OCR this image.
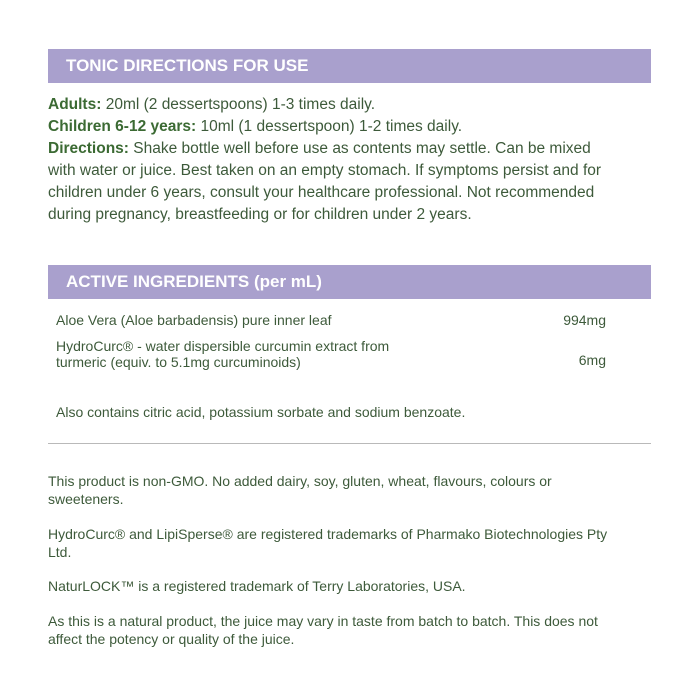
TONIC DIRECTIONS FOR USE
Adults: 20ml (2 dessertspoons) 1-3 times daily.
Children 6-12 years: 10ml (1 dessertspoon) 1-2 times daily.
Directions: Shake bottle well before use as contents may settle. Can be mixed with water or juice. Best taken on an empty stomach. If symptoms persist and for children under 6 years, consult your healthcare professional. Not recommended during pregnancy, breastfeeding or for children under 2 years.
ACTIVE INGREDIENTS (per mL)
Aloe Vera (Aloe barbadensis) pure inner leaf	994mg
HydroCurc® - water dispersible curcumin extract from turmeric (equiv. to 5.1mg curcuminoids)	6mg
Also contains citric acid, potassium sorbate and sodium benzoate.
This product is non-GMO. No added dairy, soy, gluten, wheat, flavours, colours or sweeteners.
HydroCurc® and LipiSperse® are registered trademarks of Pharmako Biotechnologies Pty Ltd.
NaturLOCK™ is a registered trademark of Terry Laboratories, USA.
As this is a natural product, the juice may vary in taste from batch to batch. This does not affect the potency or quality of the juice.
